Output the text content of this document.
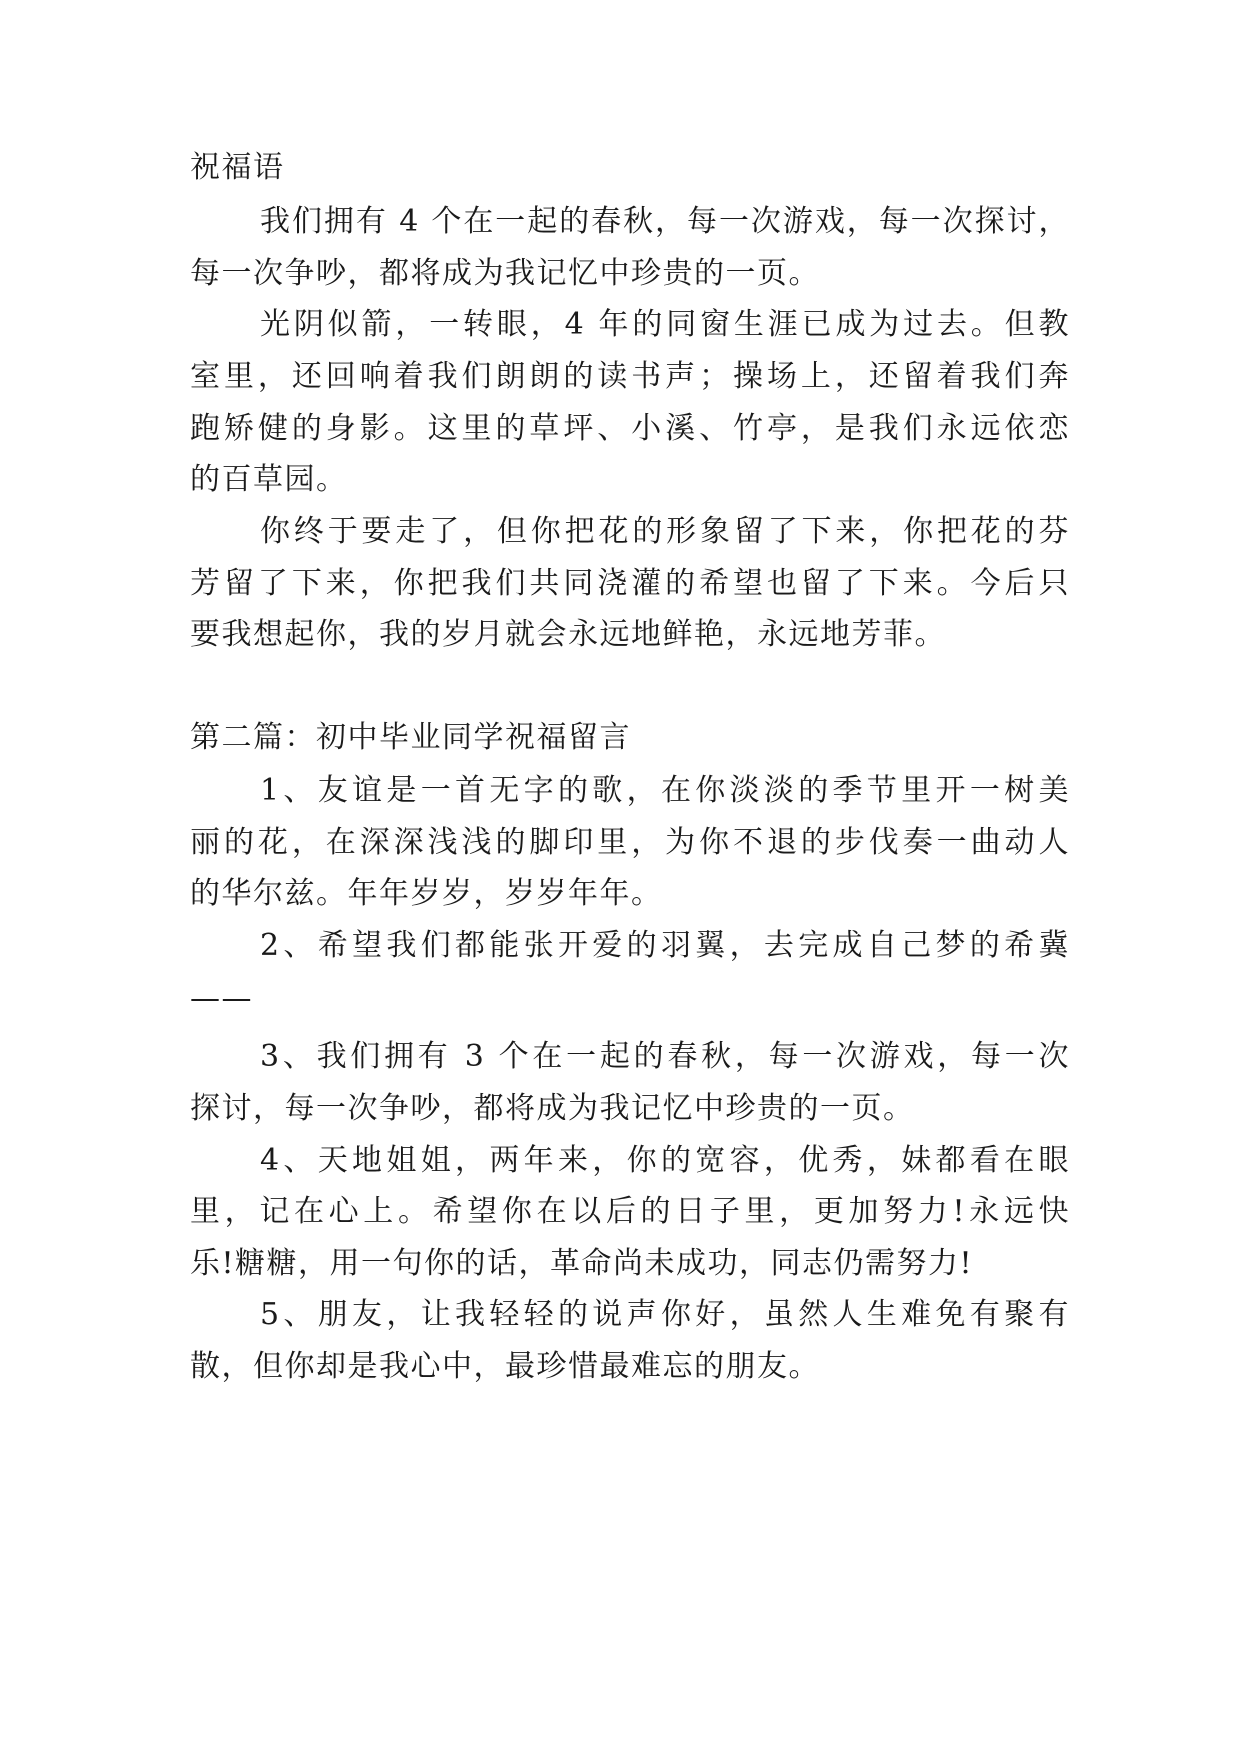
祝福语
我们拥有 4 个在一起的春秋，每一次游戏，每一次探讨，
每一次争吵，都将成为我记忆中珍贵的一页。
光阴似箭，一转眼，4 年的同窗生涯已成为过去。但教
室里，还回响着我们朗朗的读书声；操场上，还留着我们奔
跑矫健的身影。这里的草坪、小溪、竹亭，是我们永远依恋
的百草园。
你终于要走了，但你把花的形象留了下来，你把花的芬
芳留了下来，你把我们共同浇灌的希望也留了下来。今后只
要我想起你，我的岁月就会永远地鲜艳，永远地芳菲。
第二篇：初中毕业同学祝福留言
1、友谊是一首无字的歌，在你淡淡的季节里开一树美
丽的花，在深深浅浅的脚印里，为你不退的步伐奏一曲动人
的华尔兹。年年岁岁，岁岁年年。
2、希望我们都能张开爱的羽翼，去完成自己梦的希冀
——
3、我们拥有 3 个在一起的春秋，每一次游戏，每一次
探讨，每一次争吵，都将成为我记忆中珍贵的一页。
4、天地姐姐，两年来，你的宽容，优秀，妹都看在眼
里，记在心上。希望你在以后的日子里，更加努力!永远快
乐!糖糖，用一句你的话，革命尚未成功，同志仍需努力!
5、朋友，让我轻轻的说声你好，虽然人生难免有聚有
散，但你却是我心中，最珍惜最难忘的朋友。
